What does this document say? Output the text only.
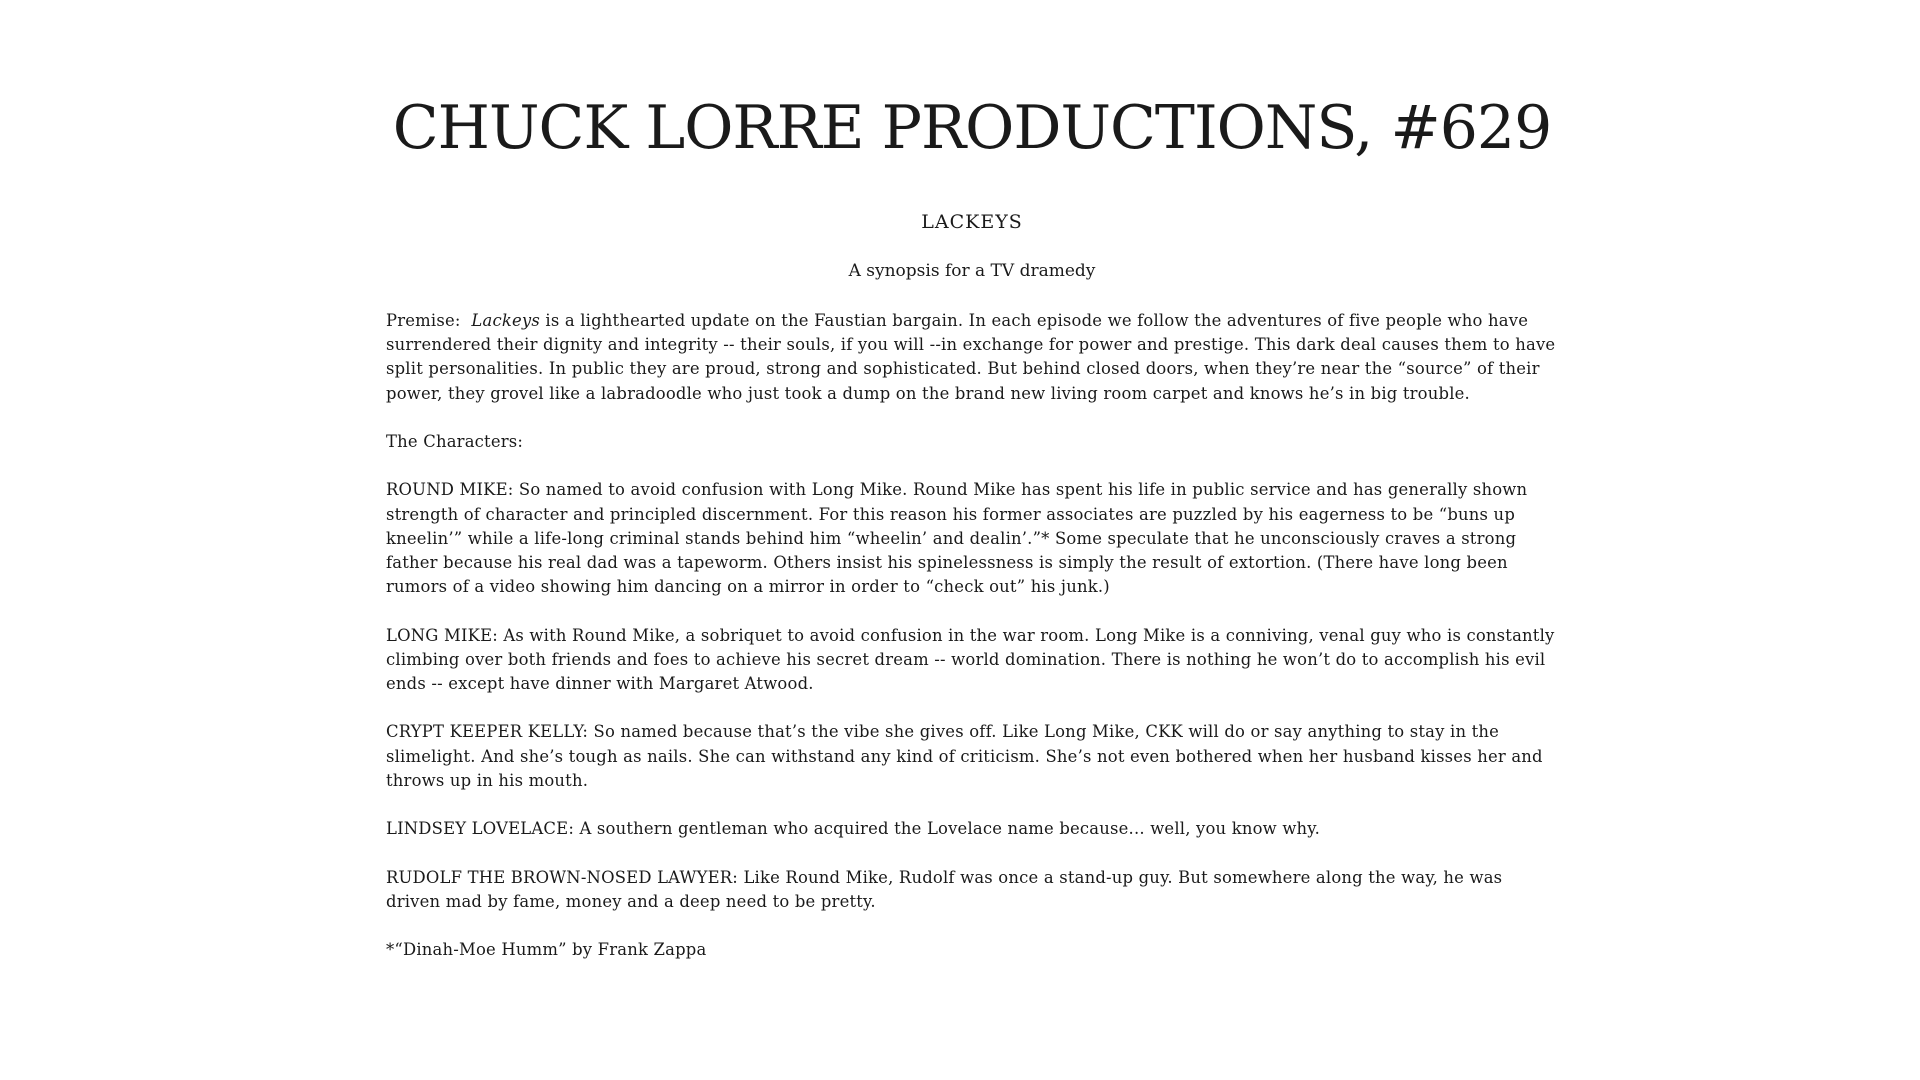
CHUCK LORRE PRODUCTIONS, #629
LACKEYS
A synopsis for a TV dramedy

Premise: Lackeys is a lighthearted update on the Faustian bargain. In each episode we follow the adventures of five people who have surrendered their dignity and integrity -- their souls, if you will --in exchange for power and prestige. This dark deal causes them to have split personalities. In public they are proud, strong and sophisticated. But behind closed doors, when they’re near the “source” of their power, they grovel like a labradoodle who just took a dump on the brand new living room carpet and knows he’s in big trouble.

The Characters:

ROUND MIKE: So named to avoid confusion with Long Mike. Round Mike has spent his life in public service and has generally shown strength of character and principled discernment. For this reason his former associates are puzzled by his eagerness to be “buns up kneelin’” while a life-long criminal stands behind him “wheelin’ and dealin’.”* Some speculate that he unconsciously craves a strong father because his real dad was a tapeworm. Others insist his spinelessness is simply the result of extortion. (There have long been rumors of a video showing him dancing on a mirror in order to “check out” his junk.)

LONG MIKE: As with Round Mike, a sobriquet to avoid confusion in the war room. Long Mike is a conniving, venal guy who is constantly climbing over both friends and foes to achieve his secret dream -- world domination. There is nothing he won’t do to accomplish his evil ends -- except have dinner with Margaret Atwood.

CRYPT KEEPER KELLY: So named because that’s the vibe she gives off. Like Long Mike, CKK will do or say anything to stay in the slimelight. And she’s tough as nails. She can withstand any kind of criticism. She’s not even bothered when her husband kisses her and throws up in his mouth.

LINDSEY LOVELACE: A southern gentleman who acquired the Lovelace name because... well, you know why.

RUDOLF THE BROWN-NOSED LAWYER: Like Round Mike, Rudolf was once a stand-up guy. But somewhere along the way, he was driven mad by fame, money and a deep need to be pretty.

*“Dinah-Moe Humm” by Frank Zappa
